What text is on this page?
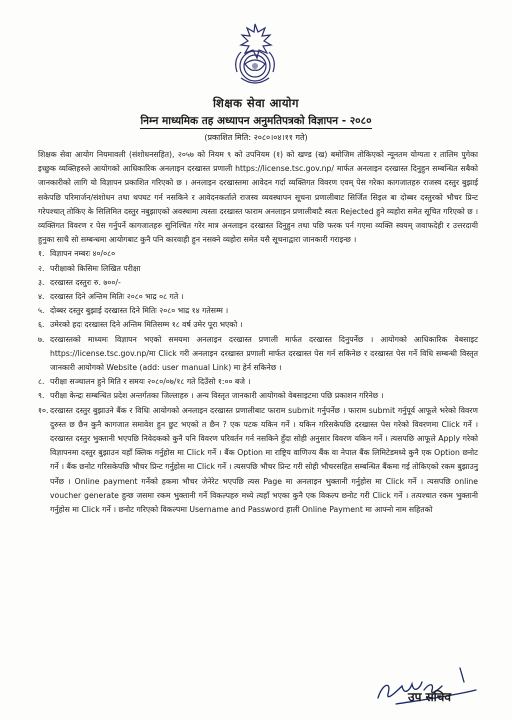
शिक्षक सेवा आयोग
निम्न माध्यमिक तह अध्यापन अनुमतिपत्रको विज्ञापन - २०८०
(प्रकाशित मिति: २०८०।०४।११ गते)

शिक्षक सेवा आयोग नियमावली (संशोधनसहित), २०५७ को नियम ९ को उपनियम (१) को खण्ड (ख) बमोजिम तोकिएको न्यूनतम योग्यता र तालिम पुगेका इच्छुक व्यक्तिहरुले आयोगको आधिकारिक अनलाइन दरखास्त प्रणाली https://license.tsc.gov.np/ मार्फत अनलाइन दरखास्त दिनुहुन सम्बन्धित सबैको जानकारीको लागि यो विज्ञापन प्रकाशित गरिएको छ । अनलाइन दरखास्तमा आवेदन गर्दा व्यक्तिगत विवरण एवम् पेस गरेका कागजातहरु राजस्व दस्तुर बुझाई सकेपछि परिमार्जन/संशोधन तथा थपघट गर्न नसकिने र आवेदनकर्ताले राजस्व व्यवस्थापन सूचना प्रणालीबाट सिर्जित सिइल बा दोब्बर दस्तुरको भौचर प्रिन्ट गरेपश्चात् तोकिए के सिलिमित दस्तुर नबुझाएको अवस्थामा त्यस्ता दरखास्त फाराम अनलाइन प्रणालीबाटै स्वतः Rejected हुने व्यहोरा समेत सूचित गरिएको छ । व्यक्तिगत विवरण र पेस गर्नुपर्ने कागजातहरु सुनिश्चित गरेर मात्र अनलाइन दरखास्त दिनुहुन तथा पछि फरक पर्न गएमा व्यक्ति स्वयम् जवाफदेही र उत्तरदायी हुनुका साथै सो सम्बन्धमा आयोगबाट कुनै पनि कारवाही हुन नसक्ने व्यहोरा समेत यसै सूचनाद्वारा जानकारी गराइन्छ ।

१. विज्ञापन नम्बरः ४०/०८०
२. परीक्षाको किसिमः लिखित परीक्षा
३. दरखास्त दस्तुरः रु. ७००/-
४. दरखास्त दिने अन्तिम मितिः २०८० भाद्र ०८ गते ।
५. दोब्बर दस्तुर बुझाई दरखास्त दिने मितिः २०८० भाद्र १४ गतेसम्म ।
६. उमेरको हदः दरखास्त दिने अन्तिम मितिसम्म १८ वर्ष उमेर पूरा भएको ।
७. दरखास्तको माध्यमः विज्ञापन भएको समयमा अनलाइन दरखास्त प्रणाली मार्फत दरखास्त दिनुपर्नेछ । आयोगको आधिकारिक वेबसाइट https://license.tsc.gov.np/मा Click गरी अनलाइन दरखास्त प्रणाली मार्फत दरखास्त पेस गर्न सकिनेछ र दरखास्त पेस गर्ने विधि सम्बन्धी विस्तृत जानकारी आयोगको Website (add: user manual Link) मा हेर्न सकिनेछ ।
८. परीक्षा सञ्चालन हुने मिति र समयः २०८०/०७/१८ गते दिउँसो १:०० बजे ।
९. परीक्षा केन्द्रः सम्बन्धित प्रदेश अन्तर्गतका जिल्लाहरु । अन्य विस्तृत जानकारी आयोगको वेबसाइटमा पछि प्रकाशन गरिनेछ ।
१०. दरखास्त दस्तुर बुझाउने बैंक र विधिः आयोगको अनलाइन दरखास्त प्रणालीबाट फाराम submit गर्नुपर्नेछ । फाराम submit गर्नुपूर्व आफूले भरेको विवरण दुरुस्त छ छैन कुनै कागजात समावेश हुन छुट भएको त छैन ? एक पटक यकिन गर्ने । यकिन गरिसकेपछि दरखास्त पेस गरेको विवरणमा Click गर्ने । दरखास्त दस्तुर भुक्तानी भएपछि निवेदकको कुनै पनि विवरण परिवर्तन गर्न नसकिने हुँदा सोही अनुसार विवरण यकिन गर्ने । त्यसपछि आफूले Apply गरेको विज्ञापनमा दस्तुर बुझाउन यहाँ क्लिक गर्नुहोस मा Click गर्ने । बैंक Option मा राष्ट्रिय वाणिज्य बैंक वा नेपाल बैंक लिमिटेडमध्ये कुनै एक Option छनोट गर्ने । बैंक छनोट गरिसकेपछि भौचर प्रिन्ट गर्नुहोस मा Click गर्ने । त्यसपछि भौचर प्रिन्ट गरी सोही भौचरसहित सम्बन्धित बैंकमा गई तोकिएको रकम बुझाउनु पर्नेछ । Online payment गर्नेको हकमा भौचर जेनेरेट भएपछि त्यस Page मा अनलाइन भुक्तानी गर्नुहोस मा Click गर्ने । त्यसपछि online voucher generate हुन्छ जसमा रकम भुक्तानी गर्ने विकल्पहरु मध्ये त्यहाँ भएका कुनै एक विकल्प छनोट गरी Click गर्ने । तत्पश्चात रकम भुक्तानी गर्नुहोस मा Click गर्ने । छनोट गरिएको विकल्पमा Username and Password हाली Online Payment मा आफ्नो नाम सहितको
उप सचिव
